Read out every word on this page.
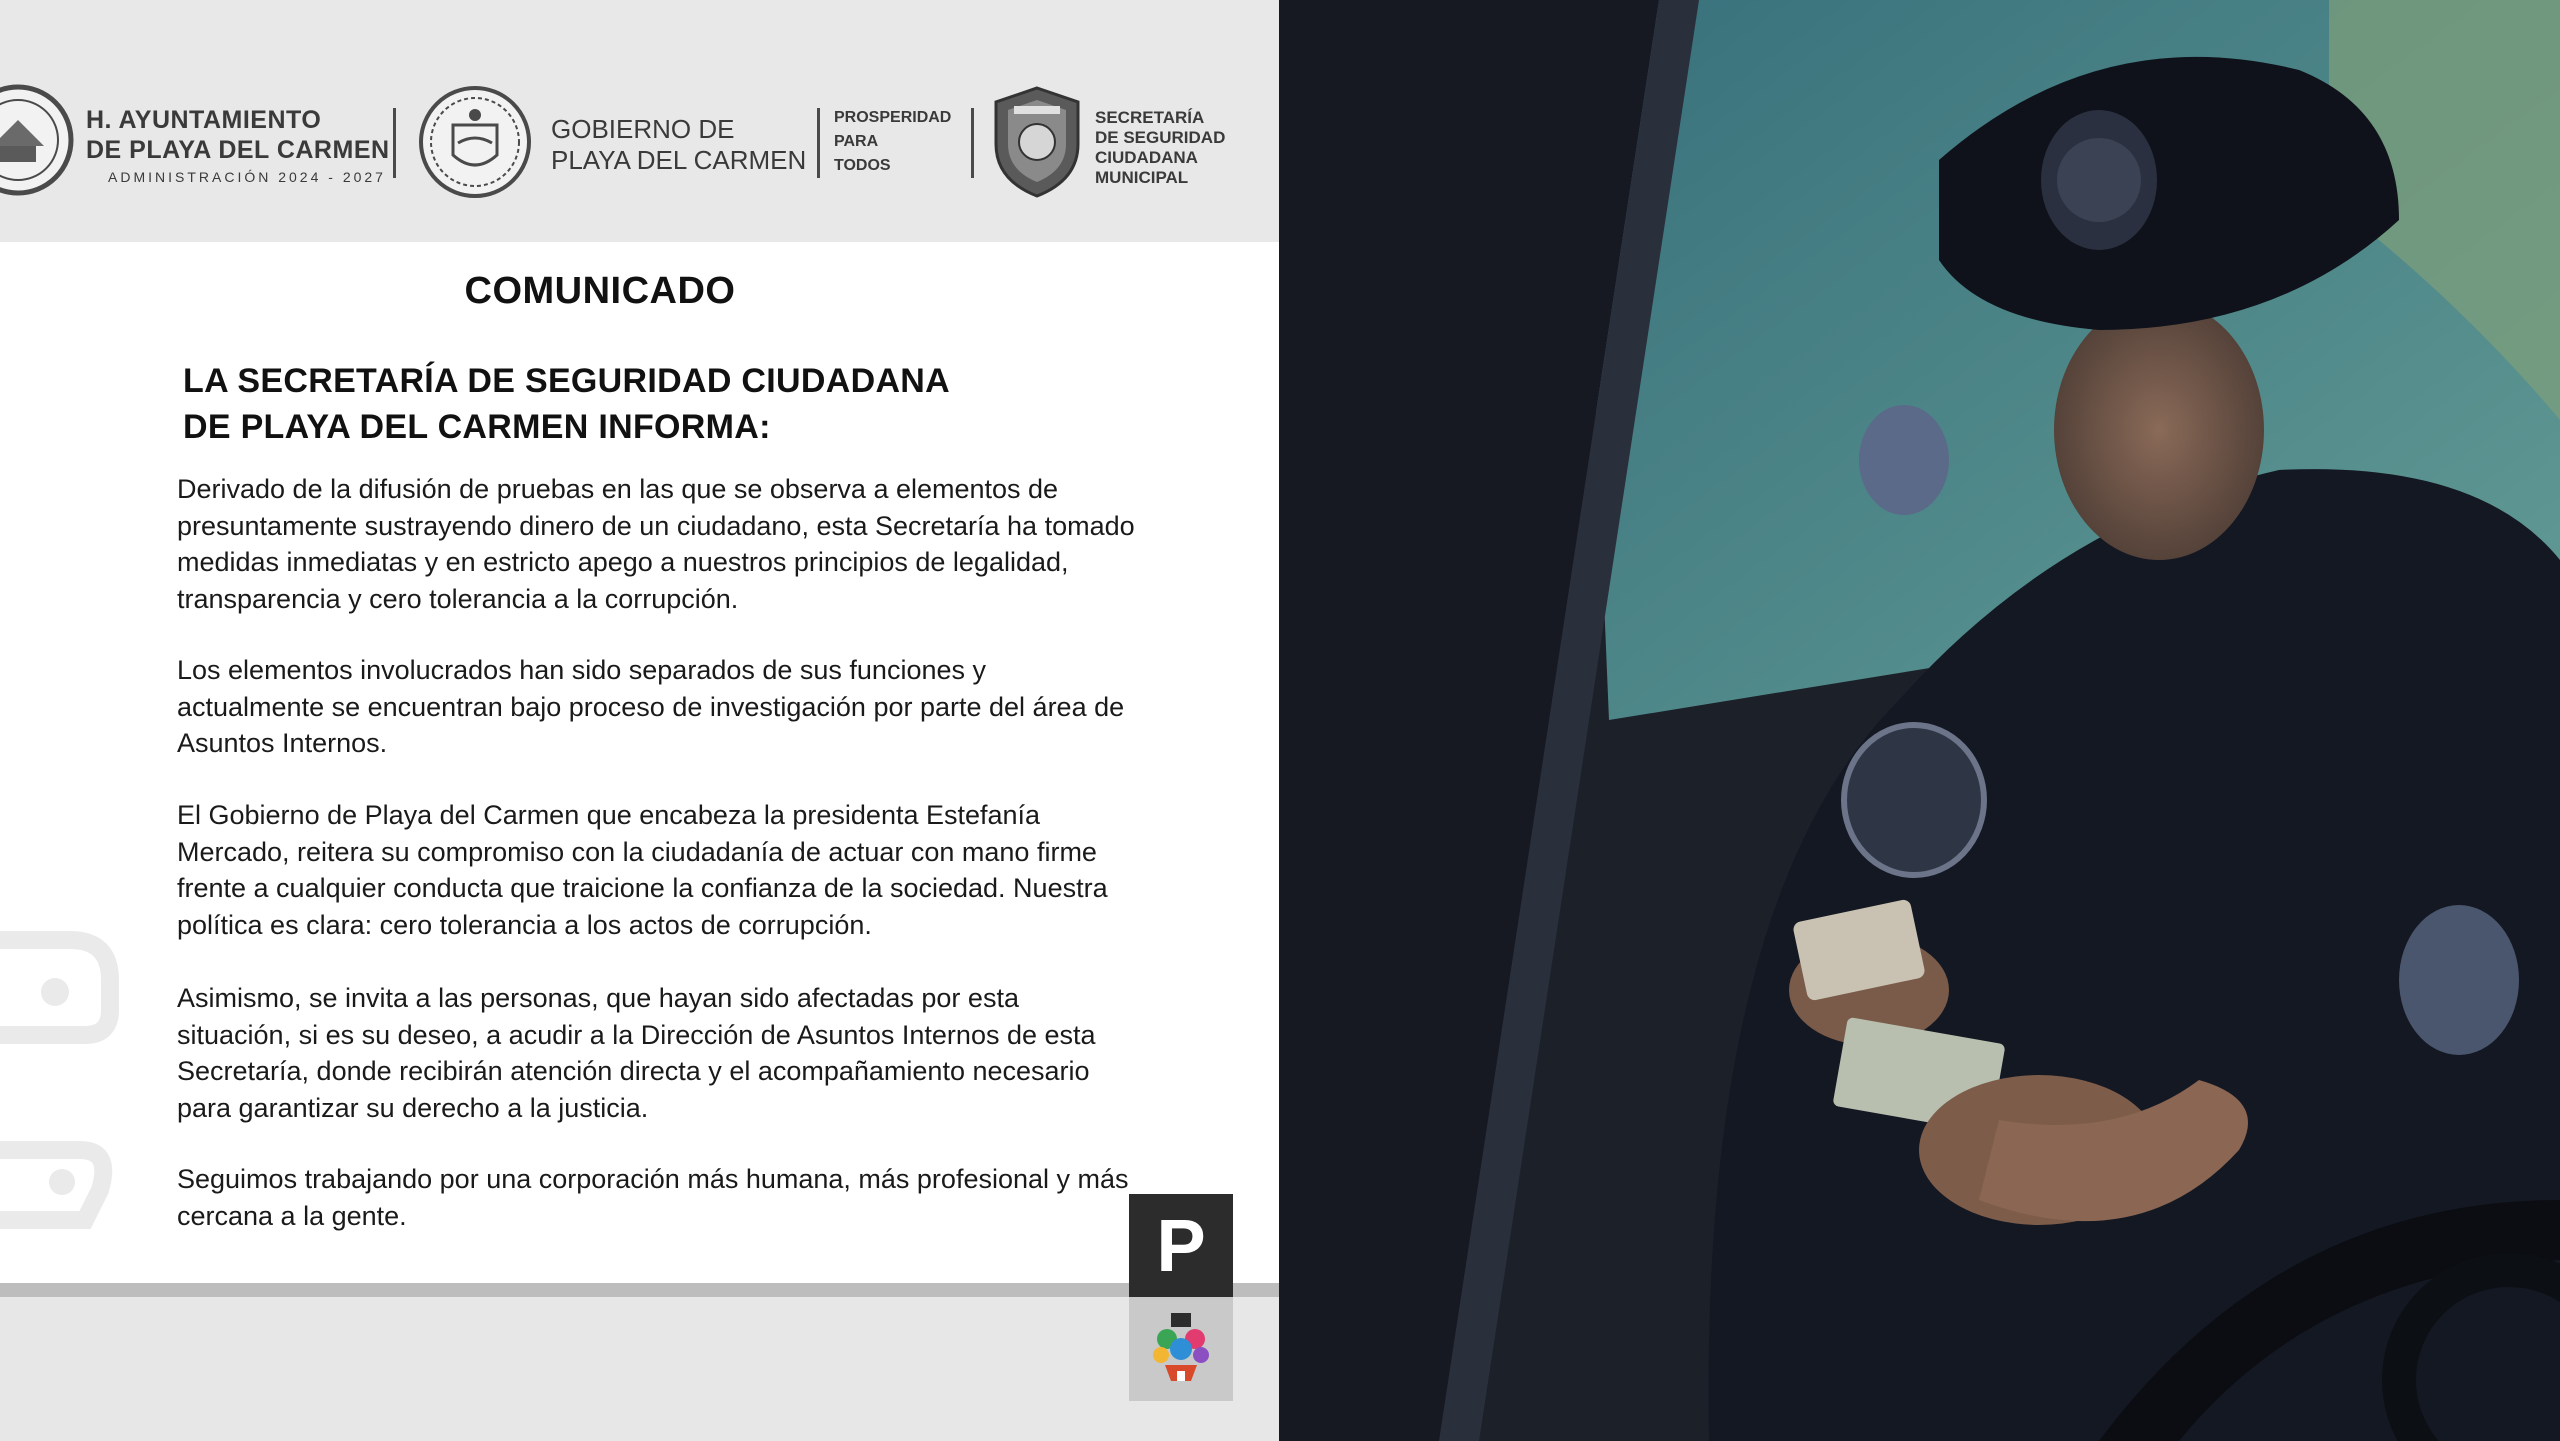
H. AYUNTAMIENTO
DE PLAYA DEL CARMEN
ADMINISTRACIÓN 2024 - 2027
GOBIERNO DE
PLAYA DEL CARMEN
PROSPERIDAD
PARA
TODOS
SECRETARÍA
DE SEGURIDAD
CIUDADANA
MUNICIPAL
COMUNICADO
LA SECRETARÍA DE SEGURIDAD CIUDADANA
DE PLAYA DEL CARMEN INFORMA:

Derivado de la difusión de pruebas en las que se observa a elementos de presuntamente sustrayendo dinero de un ciudadano, esta Secretaría ha tomado medidas inmediatas y en estricto apego a nuestros principios de legalidad, transparencia y cero tolerancia a la corrupción.

Los elementos involucrados han sido separados de sus funciones y actualmente se encuentran bajo proceso de investigación por parte del área de Asuntos Internos.

El Gobierno de Playa del Carmen que encabeza la presidenta Estefanía Mercado, reitera su compromiso con la ciudadanía de actuar con mano firme frente a cualquier conducta que traicione la confianza de la sociedad. Nuestra política es clara: cero tolerancia a los actos de corrupción.

Asimismo, se invita a las personas, que hayan sido afectadas por esta situación, si es su deseo, a acudir a la Dirección de Asuntos Internos de esta Secretaría, donde recibirán atención directa y el acompañamiento necesario para garantizar su derecho a la justicia.

Seguimos trabajando por una corporación más humana, más profesional y más cercana a la gente.	P
